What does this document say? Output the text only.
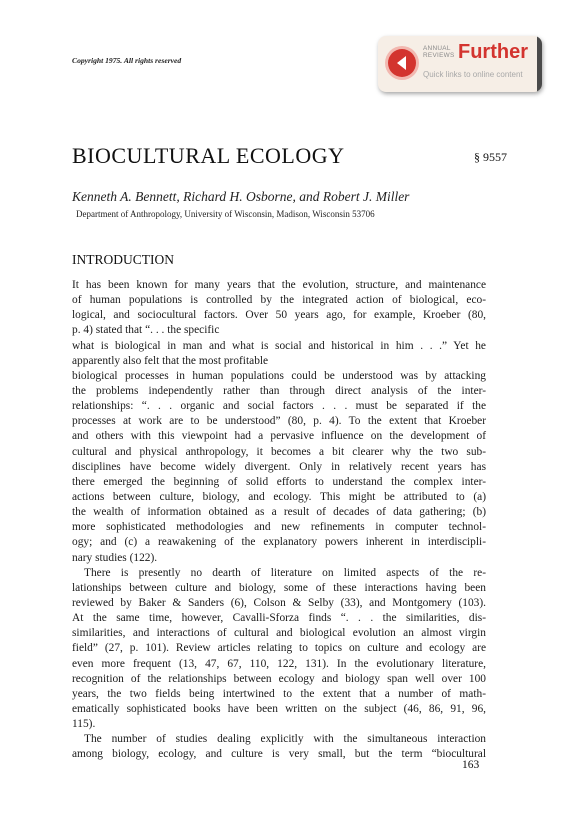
Copyright 1975. All rights reserved
ANNUAL
REVIEWS Further
Quick links to online content
BIOCULTURAL ECOLOGY	§ 9557
Kenneth A. Bennett, Richard H. Osborne, and Robert J. Miller
Department of Anthropology, University of Wisconsin, Madison, Wisconsin 53706
INTRODUCTION
It has been known for many years that the evolution, structure, and maintenance
of human populations is controlled by the integrated action of biological, eco-
logical, and sociocultural factors. Over 50 years ago, for example, Kroeber (80,
p. 4) stated that “. . . the specific
what is biological in man and what is social and historical in him . . .” Yet he
apparently also felt that the most profitable
biological processes in human populations could be understood was by attacking
the problems independently rather than through direct analysis of the inter-
relationships: “. . . organic and social factors . . . must be separated if the
processes at work are to be understood” (80, p. 4). To the extent that Kroeber
and others with this viewpoint had a pervasive influence on the development of
cultural and physical anthropology, it becomes a bit clearer why the two sub-
disciplines have become widely divergent. Only in relatively recent years has
there emerged the beginning of solid efforts to understand the complex inter-
actions between culture, biology, and ecology. This might be attributed to (a)
the wealth of information obtained as a result of decades of data gathering; (b)
more sophisticated methodologies and new refinements in computer technol-
ogy; and (c) a reawakening of the explanatory powers inherent in interdiscipli-
nary studies (122).
There is presently no dearth of literature on limited aspects of the re-
lationships between culture and biology, some of these interactions having been
reviewed by Baker & Sanders (6), Colson & Selby (33), and Montgomery (103).
At the same time, however, Cavalli-Sforza finds “. . . the similarities, dis-
similarities, and interactions of cultural and biological evolution an almost virgin
field” (27, p. 101). Review articles relating to topics on culture and ecology are
even more frequent (13, 47, 67, 110, 122, 131). In the evolutionary literature,
recognition of the relationships between ecology and biology span well over 100
years, the two fields being intertwined to the extent that a number of math-
ematically sophisticated books have been written on the subject (46, 86, 91, 96,
115).
The number of studies dealing explicitly with the simultaneous interaction
among biology, ecology, and culture is very small, but the term “biocultural
163
